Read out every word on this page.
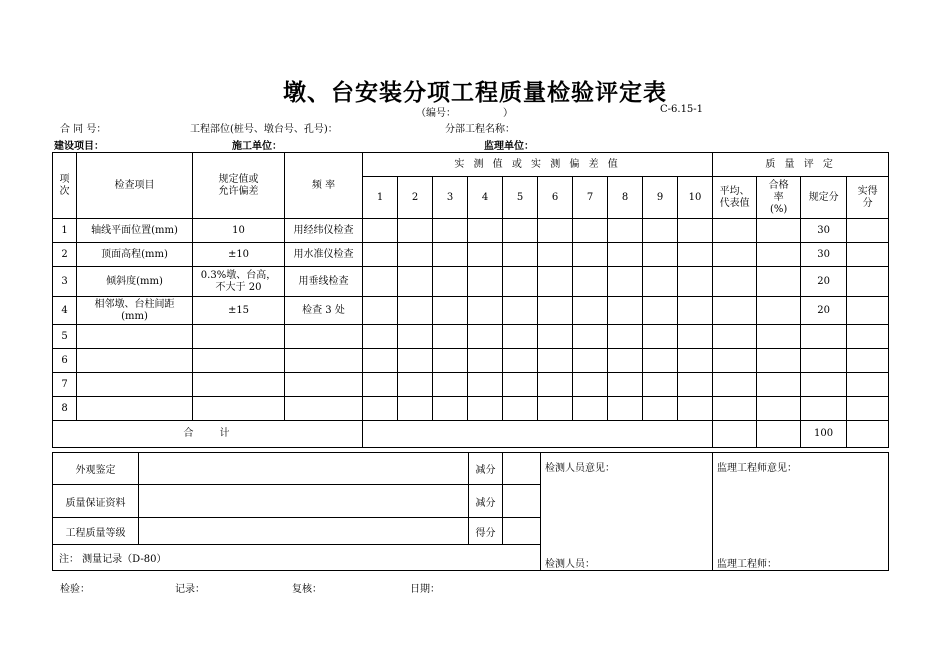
墩、台安装分项工程质量检验评定表
（编号：	）	C-6.15-1
合 同 号：	工程部位(桩号、墩台号、孔号)：	分部工程名称：
建设项目：	施工单位：	监理单位：
项次	检查项目	规定值或允许偏差	频 率	实 测 值 或 实 测 偏 差 值										质 量 评 定			
				1	2	3	4	5	6	7	8	9	10	平均、代表值	合格率(%)	规定分	实得分
1	轴线平面位置(mm)	10	用经纬仪检查													30	
2	顶面高程(mm)	±10	用水准仪检查													30	
3	倾斜度(mm)	0.3%墩、台高，不大于 20	用垂线检查													20	
4	相邻墩、台柱间距(mm)	±15	检查 3 处													20	
5																	
6																	
7																	
8																	
合　　计																100	
外观鉴定		减分		检测人员意见：
检测人员：	监理工程师意见：
监理工程师：

质量保证资料		减分			
工程质量等级		得分			
注： 测量记录（D-80）					
检验：	记录：	复核：	日期：
